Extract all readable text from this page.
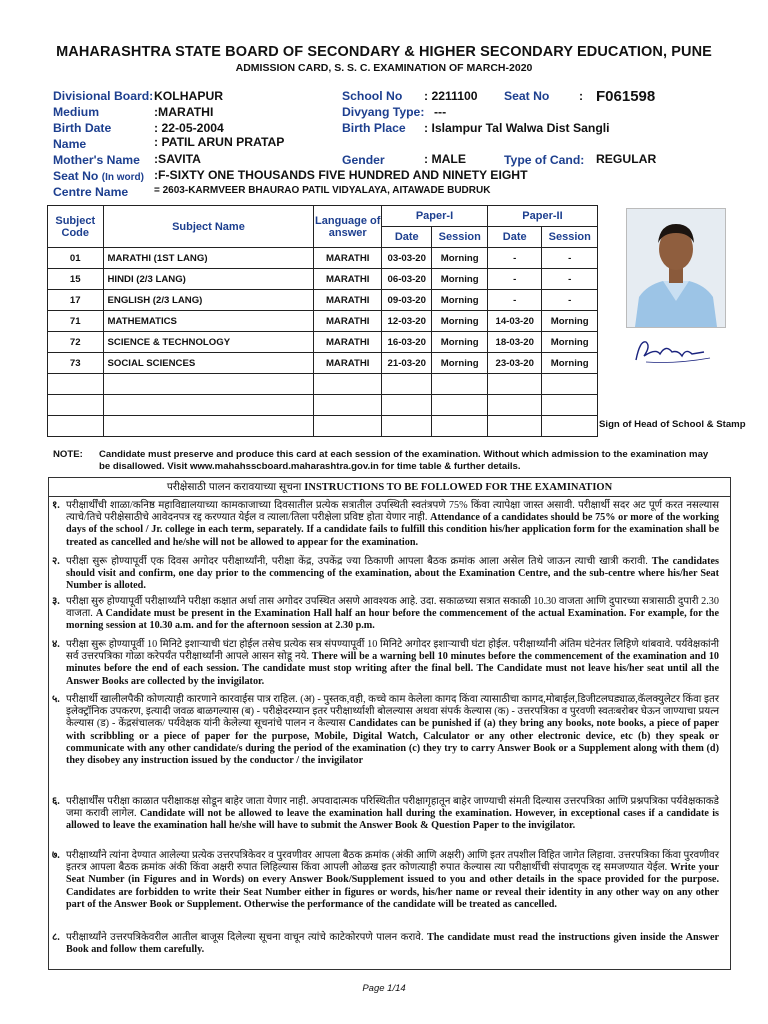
MAHARASHTRA STATE BOARD OF SECONDARY & HIGHER SECONDARY EDUCATION, PUNE
ADMISSION CARD, S. S. C. EXAMINATION OF MARCH-2020
Divisional Board: KOLHAPUR	School No : 2211100 Seat No : F061598
Medium	:MARATHI	Divyang Type: ---
Birth Date	: 22-05-2004	Birth Place : Islampur Tal Walwa Dist Sangli
Name	: PATIL ARUN PRATAP
Mother's Name :SAVITA	Gender	: MALE	Type of Cand: REGULAR
Seat No (In word) :F-SIXTY ONE THOUSANDS FIVE HUNDRED AND NINETY EIGHT
Centre Name	= 2603-KARMVEER BHAURAO PATIL VIDYALAYA, AITAWADE BUDRUK
Subject Code	Subject Name	Language of answer	Paper-I		Paper-II	
			Date	Session	Date	Session
01	MARATHI (1ST LANG)	MARATHI	03-03-20	Morning	-	-
15	HINDI (2/3 LANG)	MARATHI	06-03-20	Morning	-	-
17	ENGLISH (2/3 LANG)	MARATHI	09-03-20	Morning	-	-
71	MATHEMATICS	MARATHI	12-03-20	Morning	14-03-20	Morning
72	SCIENCE & TECHNOLOGY	MARATHI	16-03-20	Morning	18-03-20	Morning
73	SOCIAL SCIENCES	MARATHI	21-03-20	Morning	23-03-20	Morning

Sign of Head of School & Stamp
NOTE: Candidate must preserve and produce this card at each session of the examination. Without which admission to the examination may be disallowed. Visit www.mahahsscboard.maharashtra.gov.in for time table & further details.
परीक्षेसाठी पालन करावयाच्या सूचना INSTRUCTIONS TO BE FOLLOWED FOR THE EXAMINATION
१. परीक्षार्थींची शाळा/कनिष्ठ महाविद्यालयाच्या कामकाजाच्या दिवसातील प्रत्येक सत्रातील उपस्थिती स्वतंत्रपणे 75% किंवा त्यापेक्षा जास्त असावी. परीक्षार्थी सदर अट पूर्ण करत नसल्यास त्याचे/तिचे परीक्षेसाठीचे आवेदनपत्र रद्द करण्यात येईल व त्याला/तिला परीक्षेला प्रविष्ट होता येणार नाही. Attendance of a candidates should be 75% or more of the working days of the school / Jr. college in each term, separately. If a candidate fails to fulfill this condition his/her application form for the examination shall be treated as cancelled and he/she will not be allowed to appear for the examination.
२. परीक्षा सुरू होण्यापूर्वी एक दिवस अगोदर परीक्षार्थ्यांनी, परीक्षा केंद्र, उपकेंद्र ज्या ठिकाणी आपला बैठक क्रमांक आला असेल तिथे जाऊन त्याची खात्री करावी. The candidates should visit and confirm, one day prior to the commencing of the examination, about the Examination Centre, and the sub-centre where his/her Seat Number is alloted.
३. परीक्षा सुरु होण्यापूर्वी परीक्षार्थ्यांने परीक्षा कक्षात अर्धा तास अगोदर उपस्थित असणे आवश्यक आहे. उदा. सकाळच्या सत्रात सकाळी 10.30 वाजता आणि दुपारच्या सत्रासाठी दुपारी 2.30 वाजता. A Candidate must be present in the Examination Hall half an hour before the commencement of the actual Examination. For example, for the morning session at 10.30 a.m. and for the afternoon session at 2.30 p.m.
४. परीक्षा सुरू होण्यापूर्वी 10 मिनिटे इशाऱ्याची घंटा होईल तसेच प्रत्येक सत्र संपण्यापूर्वी 10 मिनिटे अगोदर इशाऱ्याची घंटा होईल. परीक्षार्थ्यांनी अंतिम घंटेनंतर लिहिणे थांबवावे. पर्यवेक्षकांनी सर्व उत्तरपत्रिका गोळा करेपर्यंत परीक्षार्थ्यांनी आपले आसन सोडू नये. There will be a warning bell 10 minutes before the commencement of the examination and 10 minutes before the end of each session. The candidate must stop writing after the final bell. The Candidate must not leave his/her seat until all the Answer Books are collected by the invigilator.
५. परीक्षार्थी खालीलपैकी कोणत्याही कारणाने कारवाईस पात्र राहिल. (अ) - पुस्तक,वही, कच्चे काम केलेला कागद किंवा त्यासाठीचा कागद,मोबाईल,डिजीटलघड्याळ,कॅलक्युलेटर किंवा इतर इलेक्ट्रॉनिक उपकरण, इत्यादी जवळ बाळगल्यास (ब) - परीक्षेदरम्यान इतर परीक्षार्थ्याशी बोलल्यास अथवा संपर्क केल्यास (क) - उत्तरपत्रिका व पुरवणी स्वतःबरोबर घेऊन जाण्याचा प्रयत्न केल्यास (ड) - केंद्रसंचालक/ पर्यवेक्षक यांनी केलेल्या सूचनांचे पालन न केल्यास Candidates can be punished if (a) they bring any books, note books, a piece of paper with scribbling or a piece of paper for the purpose, Mobile, Digital Watch, Calculator or any other electronic device, etc (b) they speak or communicate with any other candidate/s during the period of the examination (c) they try to carry Answer Book or a Supplement along with them (d) they disobey any instruction issued by the conductor / the invigilator
६. परीक्षार्थींस परीक्षा काळात परीक्षाकक्ष सोडून बाहेर जाता येणार नाही. अपवादात्मक परिस्थितीत परीक्षागृहातून बाहेर जाण्याची संमती दिल्यास उत्तरपत्रिका आणि प्रश्नपत्रिका पर्यवेक्षकाकडे जमा करावी लागेल. Candidate will not be allowed to leave the examination hall during the examination. However, in exceptional cases if a candidate is allowed to leave the examination hall he/she will have to submit the Answer Book & Question Paper to the invigilator.
७. परीक्षार्थ्यांने त्यांना देण्यात आलेल्या प्रत्येक उत्तरपत्रिकेवर व पुरवणीवर आपला बैठक क्रमांक (अंकी आणि अक्षरी) आणि इतर तपशील विहित जागेत लिहावा. उत्तरपत्रिका किंवा पुरवणीवर इतरत्र आपला बैठक क्रमांक अंकी किंवा अक्षरी रुपात लिहिल्यास किंवा आपली ओळख इतर कोणत्याही रुपात केल्यास त्या परीक्षार्थीची संपादणूक रद्द समजण्यात येईल. Write your Seat Number (in Figures and in Words) on every Answer Book/Supplement issued to you and other details in the space provided for the purpose. Candidates are forbidden to write their Seat Number either in figures or words, his/her name or reveal their identity in any other way on any other part of the Answer Book or Supplement. Otherwise the performance of the candidate will be treated as cancelled.
८. परीक्षार्थ्यांने उत्तरपत्रिकेवरील आतील बाजूस दिलेल्या सूचना वाचून त्यांचे काटेकोरपणे पालन करावे. The candidate must read the instructions given inside the Answer Book and follow them carefully.
Page 1/14
